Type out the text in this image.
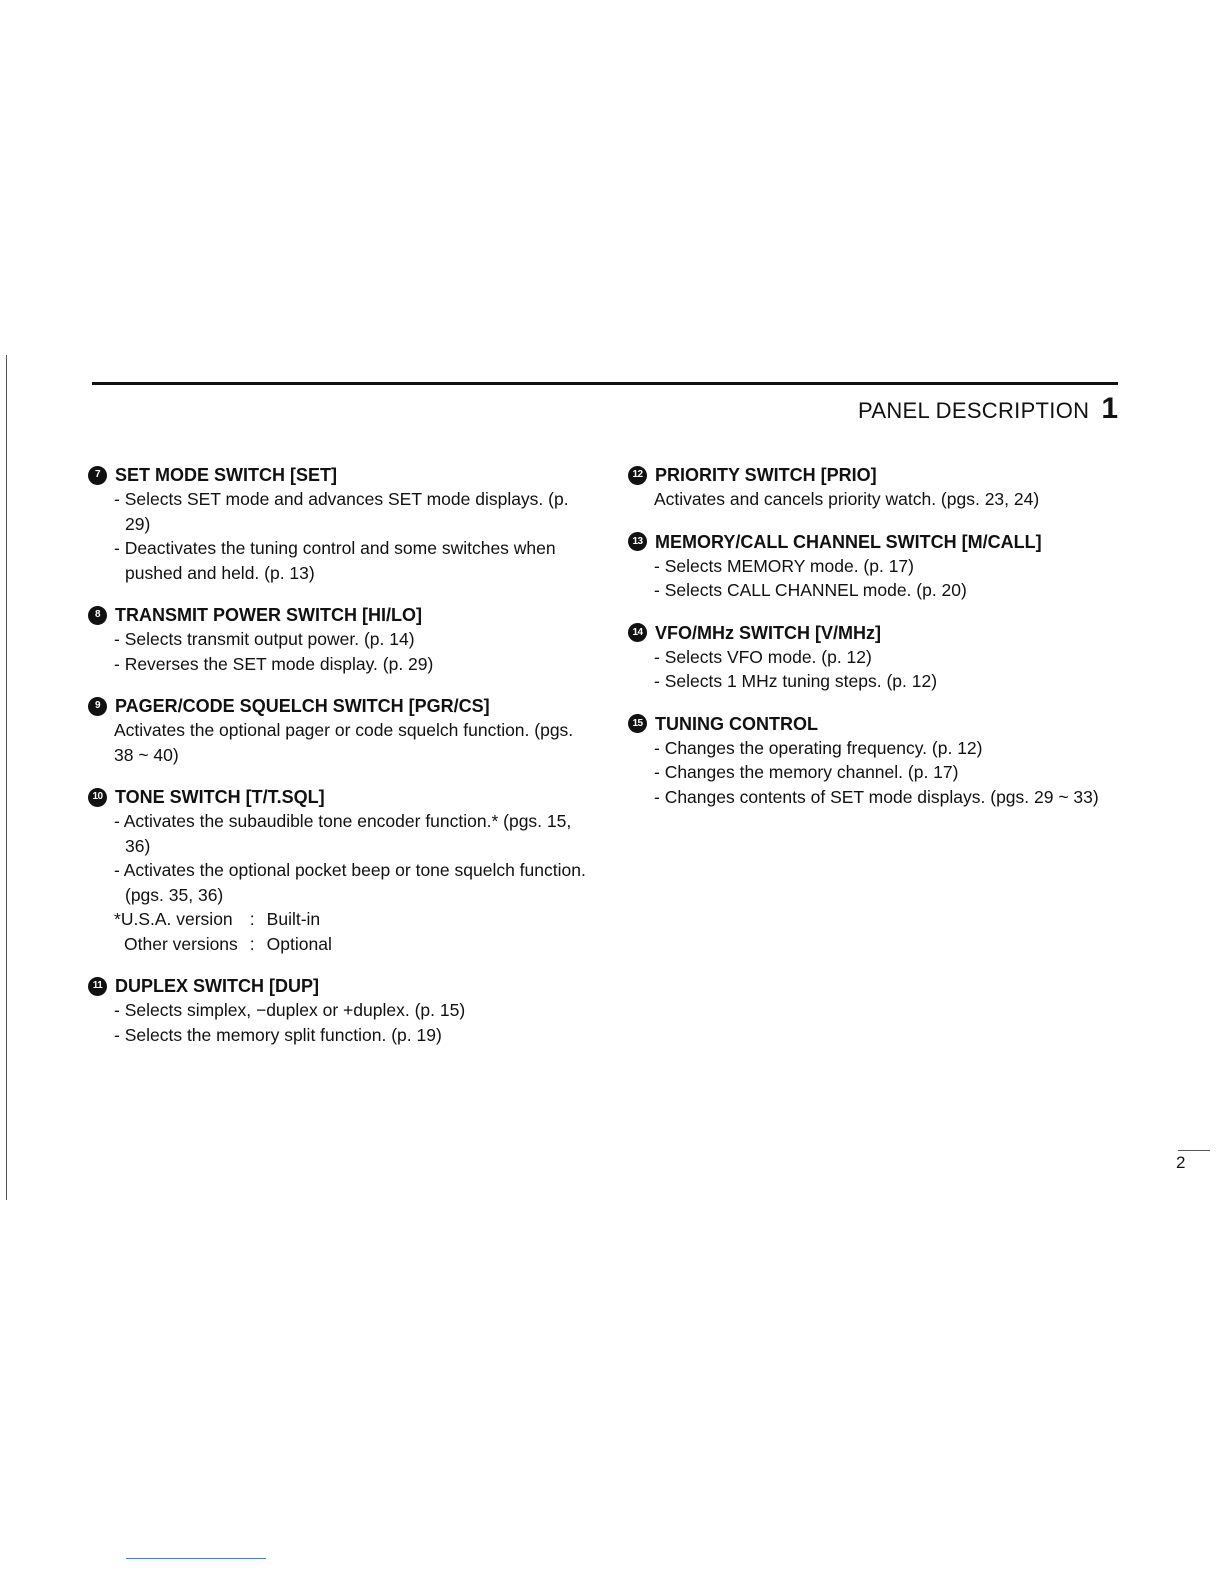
PANEL DESCRIPTION 1
7 SET MODE SWITCH [SET]
- Selects SET mode and advances SET mode displays. (p. 29)
- Deactivates the tuning control and some switches when pushed and held. (p. 13)
8 TRANSMIT POWER SWITCH [HI/LO]
- Selects transmit output power. (p. 14)
- Reverses the SET mode display. (p. 29)
9 PAGER/CODE SQUELCH SWITCH [PGR/CS]
Activates the optional pager or code squelch function. (pgs. 38 ~ 40)
10 TONE SWITCH [T/T.SQL]
- Activates the subaudible tone encoder function.* (pgs. 15, 36)
- Activates the optional pocket beep or tone squelch function. (pgs. 35, 36)
*U.S.A. version : Built-in
Other versions : Optional
11 DUPLEX SWITCH [DUP]
- Selects simplex, −duplex or +duplex. (p. 15)
- Selects the memory split function. (p. 19)
12 PRIORITY SWITCH [PRIO]
Activates and cancels priority watch. (pgs. 23, 24)
13 MEMORY/CALL CHANNEL SWITCH [M/CALL]
- Selects MEMORY mode. (p. 17)
- Selects CALL CHANNEL mode. (p. 20)
14 VFO/MHz SWITCH [V/MHz]
- Selects VFO mode. (p. 12)
- Selects 1 MHz tuning steps. (p. 12)
15 TUNING CONTROL
- Changes the operating frequency. (p. 12)
- Changes the memory channel. (p. 17)
- Changes contents of SET mode displays. (pgs. 29 ~ 33)
2
